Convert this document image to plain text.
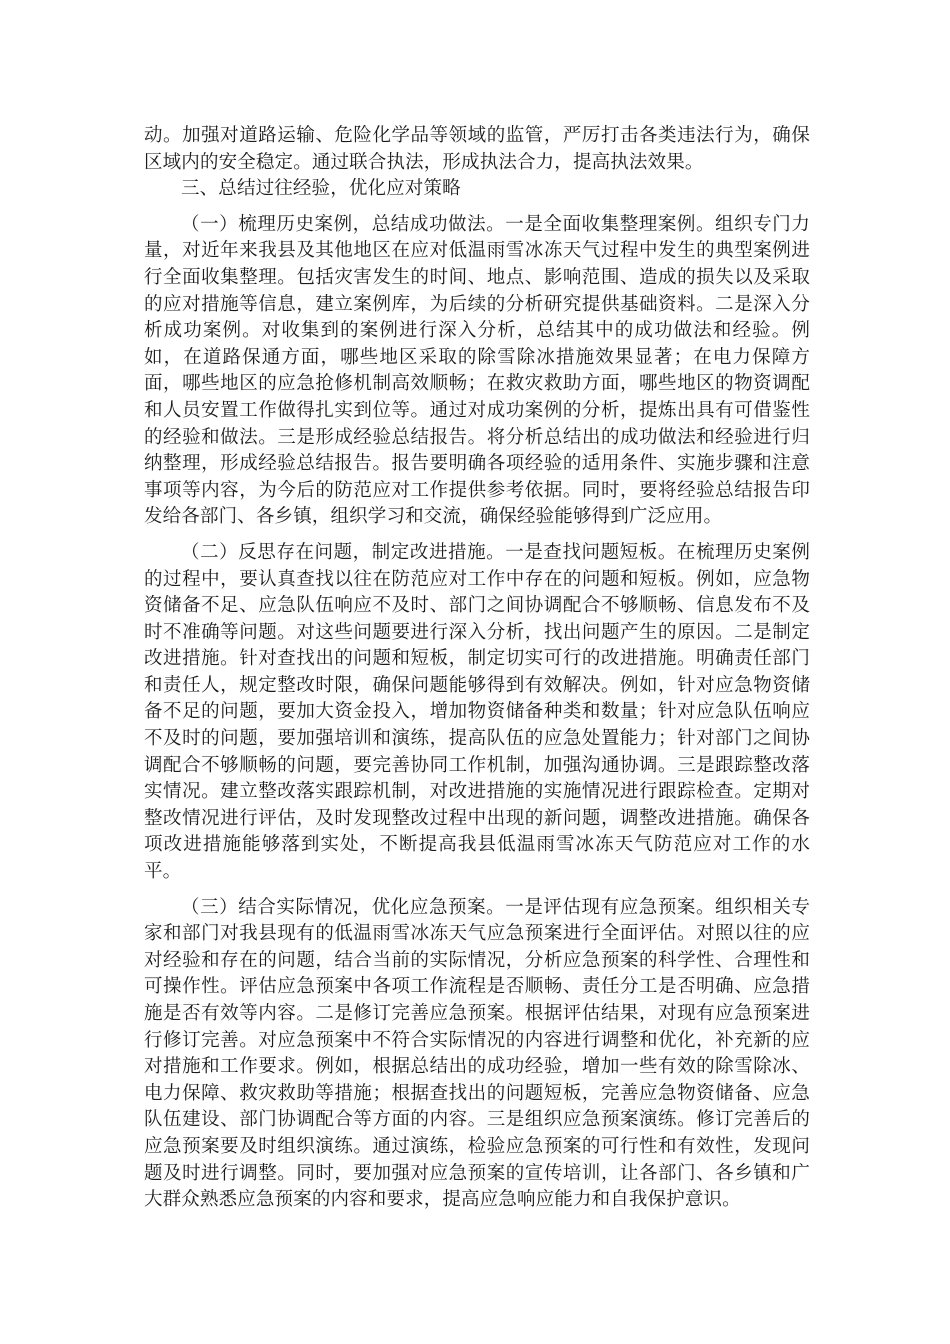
动。加强对道路运输、危险化学品等领域的监管，严厉打击各类违法行为，确保区域内的安全稳定。通过联合执法，形成执法合力，提高执法效果。

三、总结过往经验，优化应对策略

（一）梳理历史案例，总结成功做法。一是全面收集整理案例。组织专门力量，对近年来我县及其他地区在应对低温雨雪冰冻天气过程中发生的典型案例进行全面收集整理。包括灾害发生的时间、地点、影响范围、造成的损失以及采取的应对措施等信息，建立案例库，为后续的分析研究提供基础资料。二是深入分析成功案例。对收集到的案例进行深入分析，总结其中的成功做法和经验。例如，在道路保通方面，哪些地区采取的除雪除冰措施效果显著；在电力保障方面，哪些地区的应急抢修机制高效顺畅；在救灾救助方面，哪些地区的物资调配和人员安置工作做得扎实到位等。通过对成功案例的分析，提炼出具有可借鉴性的经验和做法。三是形成经验总结报告。将分析总结出的成功做法和经验进行归纳整理，形成经验总结报告。报告要明确各项经验的适用条件、实施步骤和注意事项等内容，为今后的防范应对工作提供参考依据。同时，要将经验总结报告印发给各部门、各乡镇，组织学习和交流，确保经验能够得到广泛应用。

（二）反思存在问题，制定改进措施。一是查找问题短板。在梳理历史案例的过程中，要认真查找以往在防范应对工作中存在的问题和短板。例如，应急物资储备不足、应急队伍响应不及时、部门之间协调配合不够顺畅、信息发布不及时不准确等问题。对这些问题要进行深入分析，找出问题产生的原因。二是制定改进措施。针对查找出的问题和短板，制定切实可行的改进措施。明确责任部门和责任人，规定整改时限，确保问题能够得到有效解决。例如，针对应急物资储备不足的问题，要加大资金投入，增加物资储备种类和数量；针对应急队伍响应不及时的问题，要加强培训和演练，提高队伍的应急处置能力；针对部门之间协调配合不够顺畅的问题，要完善协同工作机制，加强沟通协调。三是跟踪整改落实情况。建立整改落实跟踪机制，对改进措施的实施情况进行跟踪检查。定期对整改情况进行评估，及时发现整改过程中出现的新问题，调整改进措施。确保各项改进措施能够落到实处，不断提高我县低温雨雪冰冻天气防范应对工作的水平。

（三）结合实际情况，优化应急预案。一是评估现有应急预案。组织相关专家和部门对我县现有的低温雨雪冰冻天气应急预案进行全面评估。对照以往的应对经验和存在的问题，结合当前的实际情况，分析应急预案的科学性、合理性和可操作性。评估应急预案中各项工作流程是否顺畅、责任分工是否明确、应急措施是否有效等内容。二是修订完善应急预案。根据评估结果，对现有应急预案进行修订完善。对应急预案中不符合实际情况的内容进行调整和优化，补充新的应对措施和工作要求。例如，根据总结出的成功经验，增加一些有效的除雪除冰、电力保障、救灾救助等措施；根据查找出的问题短板，完善应急物资储备、应急队伍建设、部门协调配合等方面的内容。三是组织应急预案演练。修订完善后的应急预案要及时组织演练。通过演练，检验应急预案的可行性和有效性，发现问题及时进行调整。同时，要加强对应急预案的宣传培训，让各部门、各乡镇和广大群众熟悉应急预案的内容和要求，提高应急响应能力和自我保护意识。
